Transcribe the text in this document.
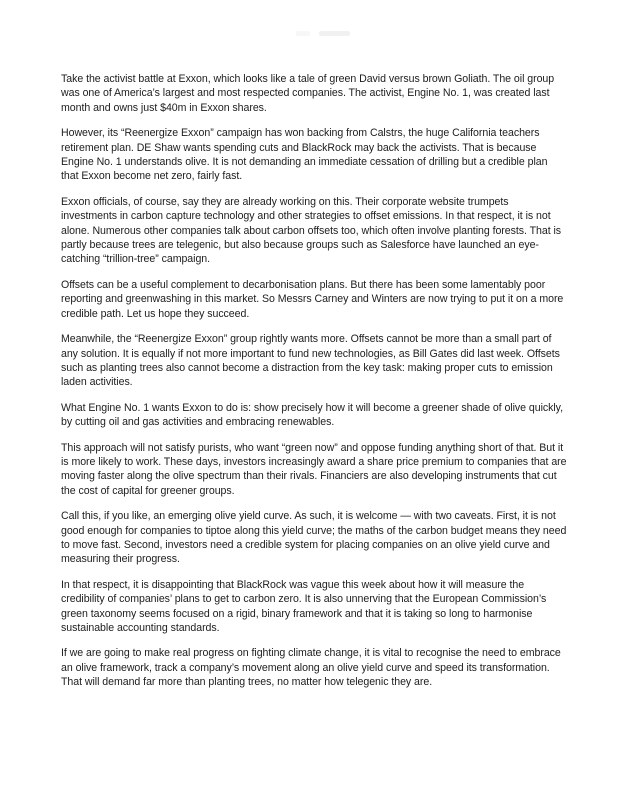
Take the activist battle at Exxon, which looks like a tale of green David versus brown Goliath. The oil group was one of America’s largest and most respected companies. The activist, Engine No. 1, was created last month and owns just $40m in Exxon shares.

However, its “Reenergize Exxon” campaign has won backing from Calstrs, the huge California teachers retirement plan. DE Shaw wants spending cuts and BlackRock may back the activists. That is because Engine No. 1 understands olive. It is not demanding an immediate cessation of drilling but a credible plan that Exxon become net zero, fairly fast.

Exxon officials, of course, say they are already working on this. Their corporate website trumpets investments in carbon capture technology and other strategies to offset emissions. In that respect, it is not alone. Numerous other companies talk about carbon offsets too, which often involve planting forests. That is partly because trees are telegenic, but also because groups such as Salesforce have launched an eye-catching “trillion-tree” campaign.

Offsets can be a useful complement to decarbonisation plans. But there has been some lamentably poor reporting and greenwashing in this market. So Messrs Carney and Winters are now trying to put it on a more credible path. Let us hope they succeed.

Meanwhile, the “Reenergize Exxon” group rightly wants more. Offsets cannot be more than a small part of any solution. It is equally if not more important to fund new technologies, as Bill Gates did last week. Offsets such as planting trees also cannot become a distraction from the key task: making proper cuts to emission laden activities.

What Engine No. 1 wants Exxon to do is: show precisely how it will become a greener shade of olive quickly, by cutting oil and gas activities and embracing renewables.

This approach will not satisfy purists, who want “green now” and oppose funding anything short of that. But it is more likely to work. These days, investors increasingly award a share price premium to companies that are moving faster along the olive spectrum than their rivals. Financiers are also developing instruments that cut the cost of capital for greener groups.

Call this, if you like, an emerging olive yield curve. As such, it is welcome — with two caveats. First, it is not good enough for companies to tiptoe along this yield curve; the maths of the carbon budget means they need to move fast. Second, investors need a credible system for placing companies on an olive yield curve and measuring their progress.

In that respect, it is disappointing that BlackRock was vague this week about how it will measure the credibility of companies’ plans to get to carbon zero. It is also unnerving that the European Commission’s green taxonomy seems focused on a rigid, binary framework and that it is taking so long to harmonise sustainable accounting standards.

If we are going to make real progress on fighting climate change, it is vital to recognise the need to embrace an olive framework, track a company’s movement along an olive yield curve and speed its transformation. That will demand far more than planting trees, no matter how telegenic they are.
